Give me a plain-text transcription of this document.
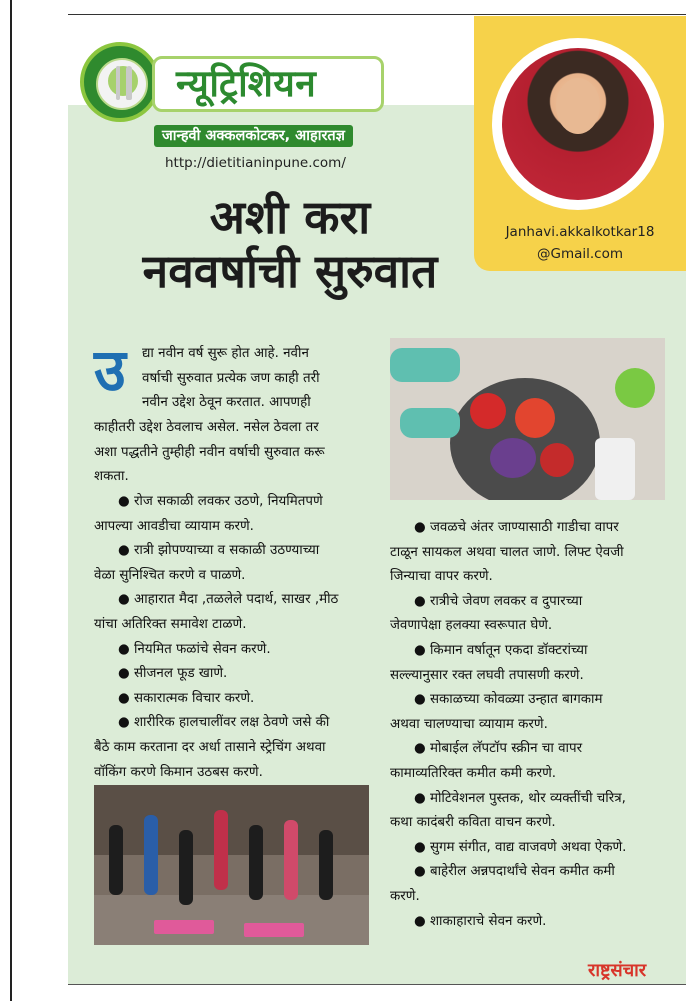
न्यूट्रिशियन
जान्हवी अक्कलकोटकर, आहारतज्ञ
http://dietitianinpune.com/
अशी करा
नववर्षाची सुरुवात
Janhavi.akkalkotkar18
@Gmail.com
उ द्या नवीन वर्ष सुरू होत आहे. नवीन

वर्षाची सुरुवात प्रत्येक जण काही तरी

नवीन उद्देश ठेवून करतात. आपणही

काहीतरी उद्देश ठेवलाच असेल. नसेल ठेवला तर

अशा पद्धतीने तुम्हीही नवीन वर्षाची सुरुवात करू

शकता.

● रोज सकाळी लवकर उठणे, नियमितपणे

आपल्या आवडीचा व्यायाम करणे.

● रात्री झोपण्याच्या व सकाळी उठण्याच्या

वेळा सुनिश्चित करणे व पाळणे.

● आहारात मैदा ,तळलेले पदार्थ, साखर ,मीठ

यांचा अतिरिक्त समावेश टाळणे.

● नियमित फळांचे सेवन करणे.

● सीजनल फूड खाणे.

● सकारात्मक विचार करणे.

● शारीरिक हालचालींवर लक्ष ठेवणे जसे की

बैठे काम करताना दर अर्धा तासाने स्ट्रेचिंग अथवा

वॉकिंग करणे किमान उठबस करणे.

● जवळचे अंतर जाण्यासाठी गाडीचा वापर

टाळून सायकल अथवा चालत जाणे. लिफ्ट ऐवजी

जिन्याचा वापर करणे.

● रात्रीचे जेवण लवकर व दुपारच्या

जेवणापेक्षा हलक्या स्वरूपात घेणे.

● किमान वर्षातून एकदा डॉक्टरांच्या

सल्ल्यानुसार रक्त लघवी तपासणी करणे.

● सकाळच्या कोवळ्या उन्हात बागकाम

अथवा चालण्याचा व्यायाम करणे.

● मोबाईल लॅपटॉप स्क्रीन चा वापर

कामाव्यतिरिक्त कमीत कमी करणे.

● मोटिवेशनल पुस्तक, थोर व्यक्तींची चरित्र,

कथा कादंबरी कविता वाचन करणे.

● सुगम संगीत, वाद्य वाजवणे अथवा ऐकणे.

● बाहेरील अन्नपदार्थांचे सेवन कमीत कमी

करणे.

● शाकाहाराचे सेवन करणे.

राष्ट्रसंचार
